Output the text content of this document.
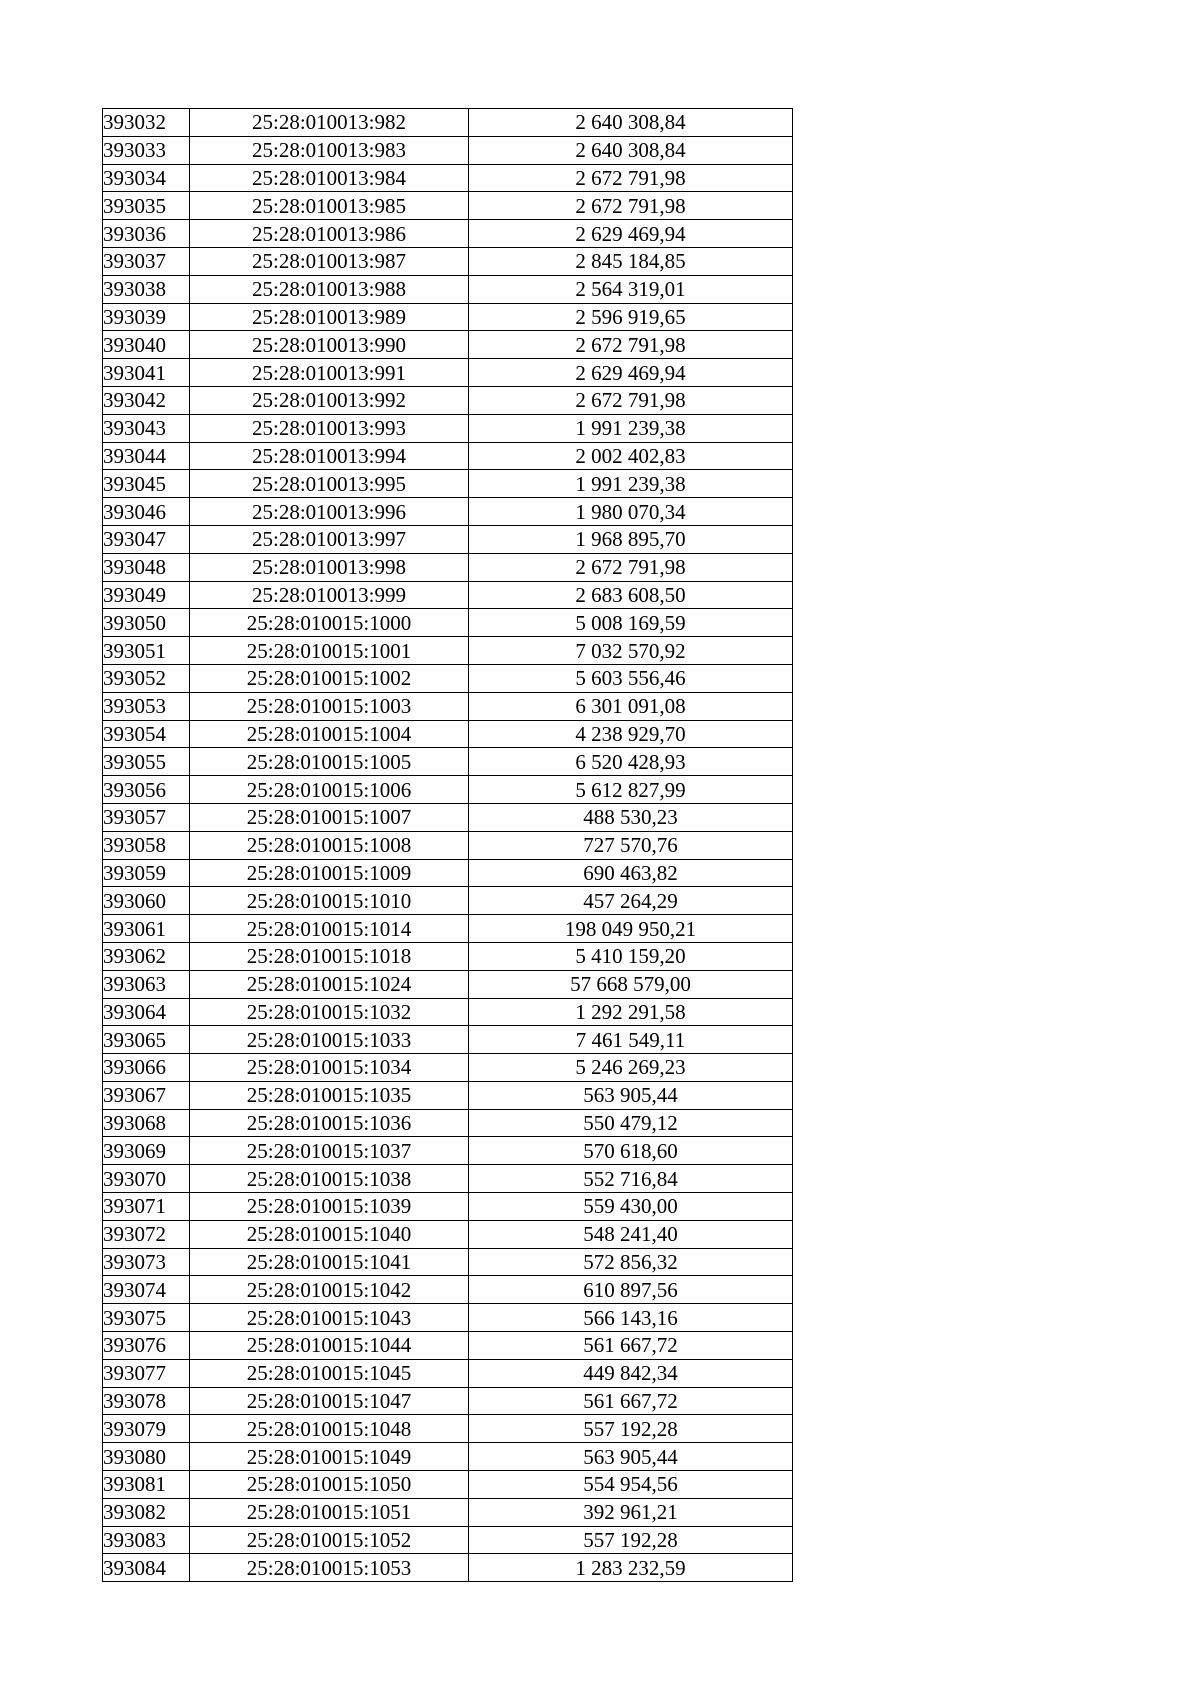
393032	25:28:010013:982	2 640 308,84
393033	25:28:010013:983	2 640 308,84
393034	25:28:010013:984	2 672 791,98
393035	25:28:010013:985	2 672 791,98
393036	25:28:010013:986	2 629 469,94
393037	25:28:010013:987	2 845 184,85
393038	25:28:010013:988	2 564 319,01
393039	25:28:010013:989	2 596 919,65
393040	25:28:010013:990	2 672 791,98
393041	25:28:010013:991	2 629 469,94
393042	25:28:010013:992	2 672 791,98
393043	25:28:010013:993	1 991 239,38
393044	25:28:010013:994	2 002 402,83
393045	25:28:010013:995	1 991 239,38
393046	25:28:010013:996	1 980 070,34
393047	25:28:010013:997	1 968 895,70
393048	25:28:010013:998	2 672 791,98
393049	25:28:010013:999	2 683 608,50
393050	25:28:010015:1000	5 008 169,59
393051	25:28:010015:1001	7 032 570,92
393052	25:28:010015:1002	5 603 556,46
393053	25:28:010015:1003	6 301 091,08
393054	25:28:010015:1004	4 238 929,70
393055	25:28:010015:1005	6 520 428,93
393056	25:28:010015:1006	5 612 827,99
393057	25:28:010015:1007	488 530,23
393058	25:28:010015:1008	727 570,76
393059	25:28:010015:1009	690 463,82
393060	25:28:010015:1010	457 264,29
393061	25:28:010015:1014	198 049 950,21
393062	25:28:010015:1018	5 410 159,20
393063	25:28:010015:1024	57 668 579,00
393064	25:28:010015:1032	1 292 291,58
393065	25:28:010015:1033	7 461 549,11
393066	25:28:010015:1034	5 246 269,23
393067	25:28:010015:1035	563 905,44
393068	25:28:010015:1036	550 479,12
393069	25:28:010015:1037	570 618,60
393070	25:28:010015:1038	552 716,84
393071	25:28:010015:1039	559 430,00
393072	25:28:010015:1040	548 241,40
393073	25:28:010015:1041	572 856,32
393074	25:28:010015:1042	610 897,56
393075	25:28:010015:1043	566 143,16
393076	25:28:010015:1044	561 667,72
393077	25:28:010015:1045	449 842,34
393078	25:28:010015:1047	561 667,72
393079	25:28:010015:1048	557 192,28
393080	25:28:010015:1049	563 905,44
393081	25:28:010015:1050	554 954,56
393082	25:28:010015:1051	392 961,21
393083	25:28:010015:1052	557 192,28
393084	25:28:010015:1053	1 283 232,59
